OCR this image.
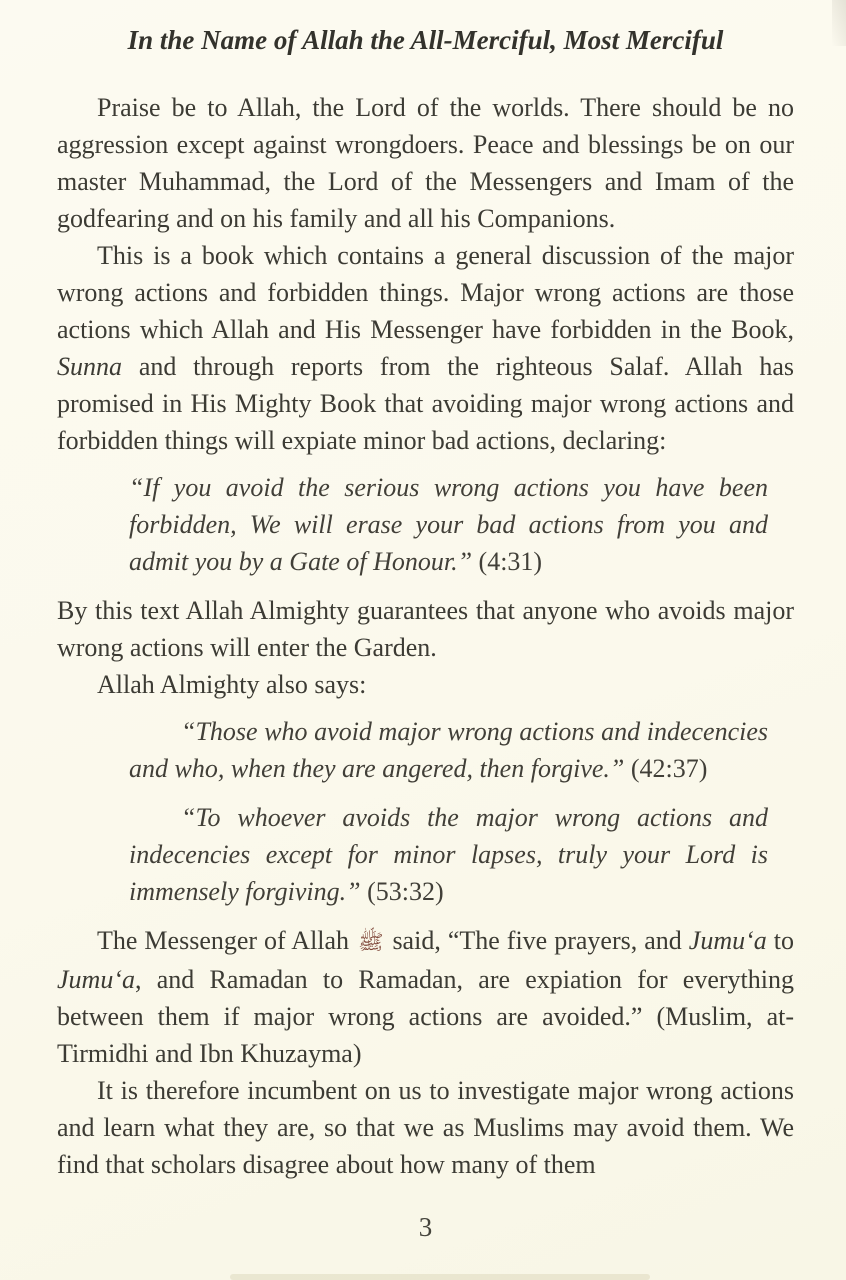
In the Name of Allah the All-Merciful, Most Merciful

Praise be to Allah, the Lord of the worlds. There should be no aggression except against wrongdoers. Peace and blessings be on our master Muhammad, the Lord of the Messengers and Imam of the godfearing and on his family and all his Companions.

This is a book which contains a general discussion of the major wrong actions and forbidden things. Major wrong actions are those actions which Allah and His Messenger have forbidden in the Book, Sunna and through reports from the righteous Salaf. Allah has promised in His Mighty Book that avoiding major wrong actions and forbidden things will expiate minor bad actions, declaring:

“If you avoid the serious wrong actions you have been forbidden, We will erase your bad actions from you and admit you by a Gate of Honour.” (4:31)

By this text Allah Almighty guarantees that anyone who avoids major wrong actions will enter the Garden.

Allah Almighty also says:

“Those who avoid major wrong actions and indecencies and who, when they are angered, then forgive.” (42:37)
“To whoever avoids the major wrong actions and indecencies except for minor lapses, truly your Lord is immensely forgiving.” (53:32)

The Messenger of Allah ﷺ said, “The five prayers, and Jumu‘a to Jumu‘a, and Ramadan to Ramadan, are expiation for everything between them if major wrong actions are avoided.” (Muslim, at-Tirmidhi and Ibn Khuzayma)

It is therefore incumbent on us to investigate major wrong actions and learn what they are, so that we as Muslims may avoid them. We find that scholars disagree about how many of them

3
